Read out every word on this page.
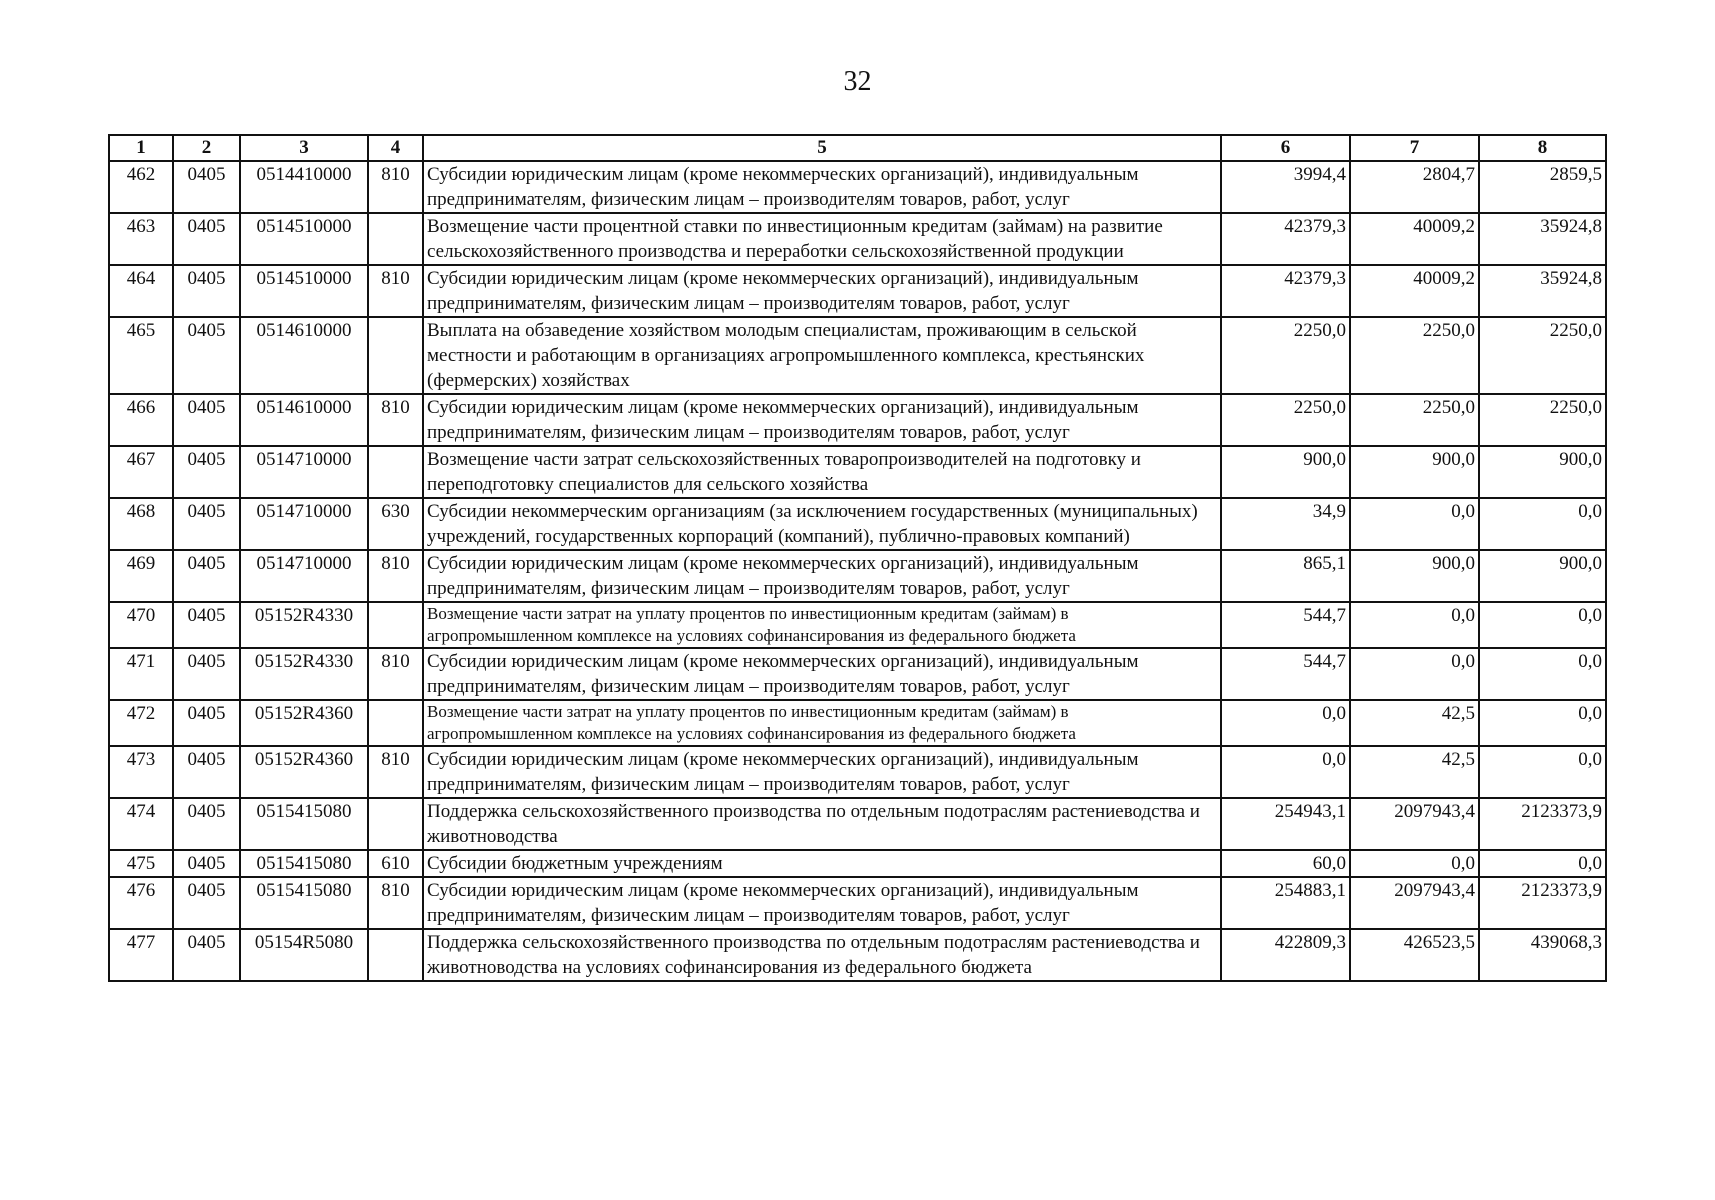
32
1	2	3	4	5	6	7	8
462	0405	0514410000	810	Субсидии юридическим лицам (кроме некоммерческих организаций), индивидуальным предпринимателям, физическим лицам – производителям товаров, работ, услуг	3994,4	2804,7	2859,5
463	0405	0514510000		Возмещение части процентной ставки по инвестиционным кредитам (займам) на развитие сельскохозяйственного производства и переработки сельскохозяйственной продукции	42379,3	40009,2	35924,8
464	0405	0514510000	810	Субсидии юридическим лицам (кроме некоммерческих организаций), индивидуальным предпринимателям, физическим лицам – производителям товаров, работ, услуг	42379,3	40009,2	35924,8
465	0405	0514610000		Выплата на обзаведение хозяйством молодым специалистам, проживающим в сельской местности и работающим в организациях агропромышленного комплекса, крестьянских (фермерских) хозяйствах	2250,0	2250,0	2250,0
466	0405	0514610000	810	Субсидии юридическим лицам (кроме некоммерческих организаций), индивидуальным предпринимателям, физическим лицам – производителям товаров, работ, услуг	2250,0	2250,0	2250,0
467	0405	0514710000		Возмещение части затрат сельскохозяйственных товаропроизводителей на подготовку и переподготовку специалистов для сельского хозяйства	900,0	900,0	900,0
468	0405	0514710000	630	Субсидии некоммерческим организациям (за исключением государственных (муниципальных) учреждений, государственных корпораций (компаний), публично-правовых компаний)	34,9	0,0	0,0
469	0405	0514710000	810	Субсидии юридическим лицам (кроме некоммерческих организаций), индивидуальным предпринимателям, физическим лицам – производителям товаров, работ, услуг	865,1	900,0	900,0
470	0405	05152R4330		Возмещение части затрат на уплату процентов по инвестиционным кредитам (займам) в агропромышленном комплексе на условиях софинансирования из федерального бюджета	544,7	0,0	0,0
471	0405	05152R4330	810	Субсидии юридическим лицам (кроме некоммерческих организаций), индивидуальным предпринимателям, физическим лицам – производителям товаров, работ, услуг	544,7	0,0	0,0
472	0405	05152R4360		Возмещение части затрат на уплату процентов по инвестиционным кредитам (займам) в агропромышленном комплексе на условиях софинансирования из федерального бюджета	0,0	42,5	0,0
473	0405	05152R4360	810	Субсидии юридическим лицам (кроме некоммерческих организаций), индивидуальным предпринимателям, физическим лицам – производителям товаров, работ, услуг	0,0	42,5	0,0
474	0405	0515415080		Поддержка сельскохозяйственного производства по отдельным подотраслям растениеводства и животноводства	254943,1	2097943,4	2123373,9
475	0405	0515415080	610	Субсидии бюджетным учреждениям	60,0	0,0	0,0
476	0405	0515415080	810	Субсидии юридическим лицам (кроме некоммерческих организаций), индивидуальным предпринимателям, физическим лицам – производителям товаров, работ, услуг	254883,1	2097943,4	2123373,9
477	0405	05154R5080		Поддержка сельскохозяйственного производства по отдельным подотраслям растениеводства и животноводства на условиях софинансирования из федерального бюджета	422809,3	426523,5	439068,3
